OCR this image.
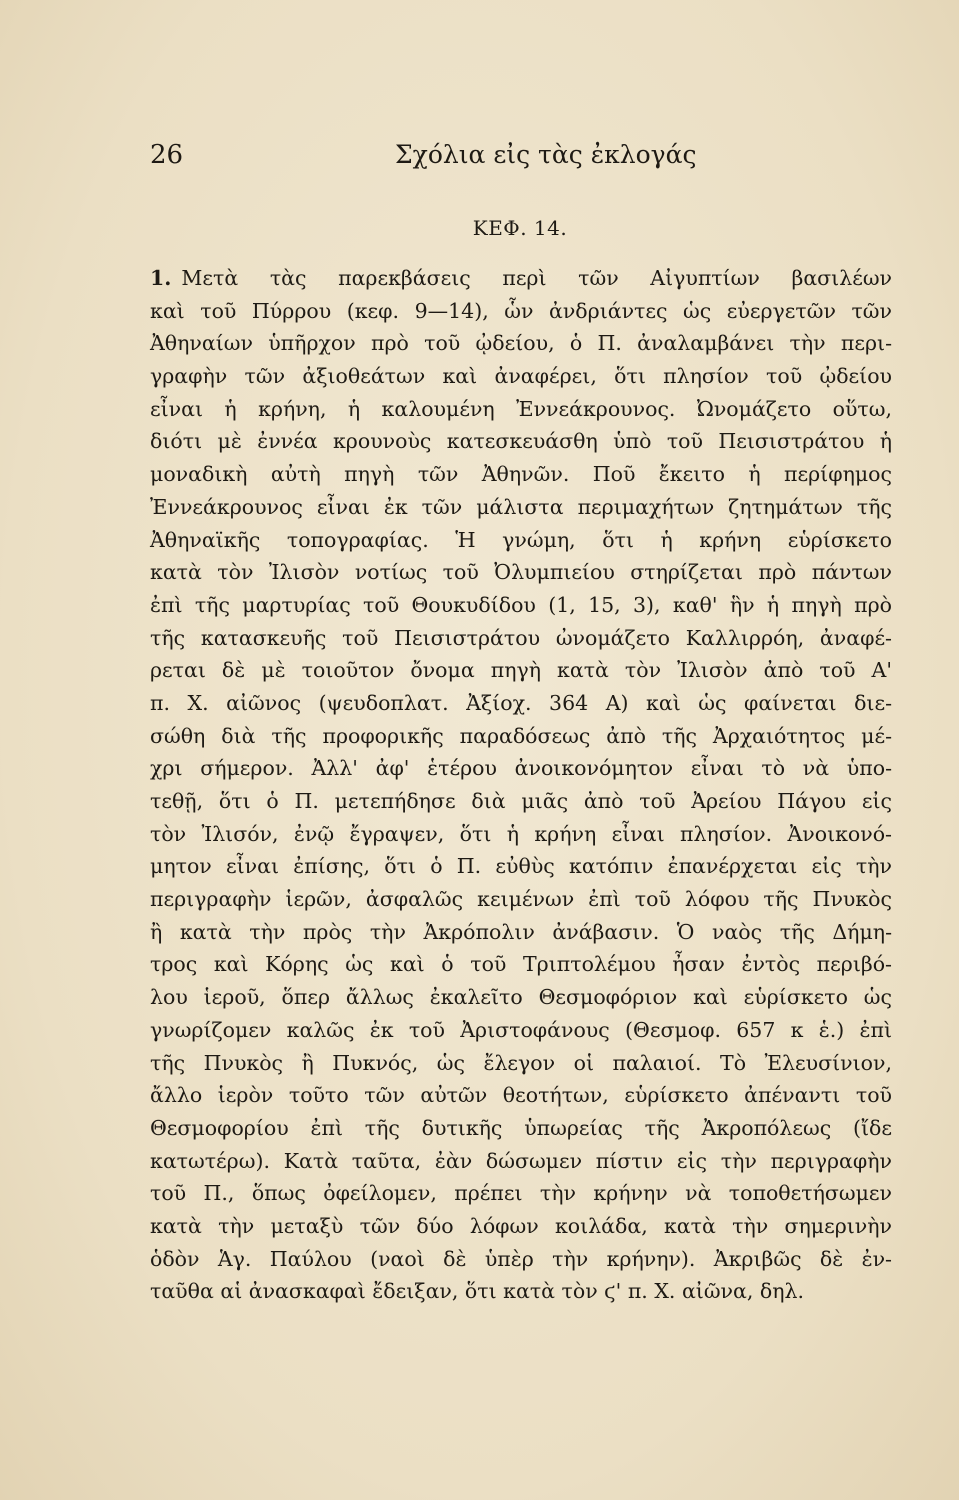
26	Σχόλια εἰς τὰς ἐκλογάς
ΚΕΦ. 14.
1. Μετὰ τὰς παρεκβάσεις περὶ τῶν Αἰγυπτίων βασιλέων
καὶ τοῦ Πύρρου (κεφ. 9—14), ὧν ἀνδριάντες ὡς εὐεργετῶν τῶν
Ἀθηναίων ὑπῆρχον πρὸ τοῦ ᾠδείου, ὁ Π. ἀναλαμβάνει τὴν περι-
γραφὴν τῶν ἀξιοθεάτων καὶ ἀναφέρει, ὅτι πλησίον τοῦ ᾠδείου
εἶναι ἡ κρήνη, ἡ καλουμένη Ἐννεάκρουνος. Ὠνομάζετο οὕτω,
διότι μὲ ἐννέα κρουνοὺς κατεσκευάσθη ὑπὸ τοῦ Πεισιστράτου ἡ
μοναδικὴ αὐτὴ πηγὴ τῶν Ἀθηνῶν. Ποῦ ἔκειτο ἡ περίφημος
Ἐννεάκρουνος εἶναι ἐκ τῶν μάλιστα περιμαχήτων ζητημάτων τῆς
Ἀθηναϊκῆς τοπογραφίας. Ἡ γνώμη, ὅτι ἡ κρήνη εὑρίσκετο
κατὰ τὸν Ἰλισὸν νοτίως τοῦ Ὀλυμπιείου στηρίζεται πρὸ πάντων
ἐπὶ τῆς μαρτυρίας τοῦ Θουκυδίδου (1, 15, 3), καθ' ἣν ἡ πηγὴ πρὸ
τῆς κατασκευῆς τοῦ Πεισιστράτου ὠνομάζετο Καλλιρρόη, ἀναφέ-
ρεται δὲ μὲ τοιοῦτον ὄνομα πηγὴ κατὰ τὸν Ἰλισὸν ἀπὸ τοῦ Α'
π. Χ. αἰῶνος (ψευδοπλατ. Ἀξίοχ. 364 Α) καὶ ὡς φαίνεται διε-
σώθη διὰ τῆς προφορικῆς παραδόσεως ἀπὸ τῆς Ἀρχαιότητος μέ-
χρι σήμερον. Ἀλλ' ἀφ' ἑτέρου ἀνοικονόμητον εἶναι τὸ νὰ ὑπο-
τεθῇ, ὅτι ὁ Π. μετεπήδησε διὰ μιᾶς ἀπὸ τοῦ Ἀρείου Πάγου εἰς
τὸν Ἰλισόν, ἐνῷ ἔγραψεν, ὅτι ἡ κρήνη εἶναι πλησίον. Ἀνοικονό-
μητον εἶναι ἐπίσης, ὅτι ὁ Π. εὐθὺς κατόπιν ἐπανέρχεται εἰς τὴν
περιγραφὴν ἱερῶν, ἀσφαλῶς κειμένων ἐπὶ τοῦ λόφου τῆς Πνυκὸς
ἢ κατὰ τὴν πρὸς τὴν Ἀκρόπολιν ἀνάβασιν. Ὁ ναὸς τῆς Δήμη-
τρος καὶ Κόρης ὡς καὶ ὁ τοῦ Τριπτολέμου ἦσαν ἐντὸς περιβό-
λου ἱεροῦ, ὅπερ ἄλλως ἐκαλεῖτο Θεσμοφόριον καὶ εὑρίσκετο ὡς
γνωρίζομεν καλῶς ἐκ τοῦ Ἀριστοφάνους (Θεσμοφ. 657 κ ἑ.) ἐπὶ
τῆς Πνυκὸς ἢ Πυκνός, ὡς ἔλεγον οἱ παλαιοί. Τὸ Ἐλευσίνιον,
ἄλλο ἱερὸν τοῦτο τῶν αὐτῶν θεοτήτων, εὑρίσκετο ἀπέναντι τοῦ
Θεσμοφορίου ἐπὶ τῆς δυτικῆς ὑπωρείας τῆς Ἀκροπόλεως (ἴδε
κατωτέρω). Κατὰ ταῦτα, ἐὰν δώσωμεν πίστιν εἰς τὴν περιγραφὴν
τοῦ Π., ὅπως ὀφείλομεν, πρέπει τὴν κρήνην νὰ τοποθετήσωμεν
κατὰ τὴν μεταξὺ τῶν δύο λόφων κοιλάδα, κατὰ τὴν σημερινὴν
ὁδὸν Ἁγ. Παύλου (ναοὶ δὲ ὑπὲρ τὴν κρήνην). Ἀκριβῶς δὲ ἐν-
ταῦθα αἱ ἀνασκαφαὶ ἔδειξαν, ὅτι κατὰ τὸν ϛ' π. Χ. αἰῶνα, δηλ.
